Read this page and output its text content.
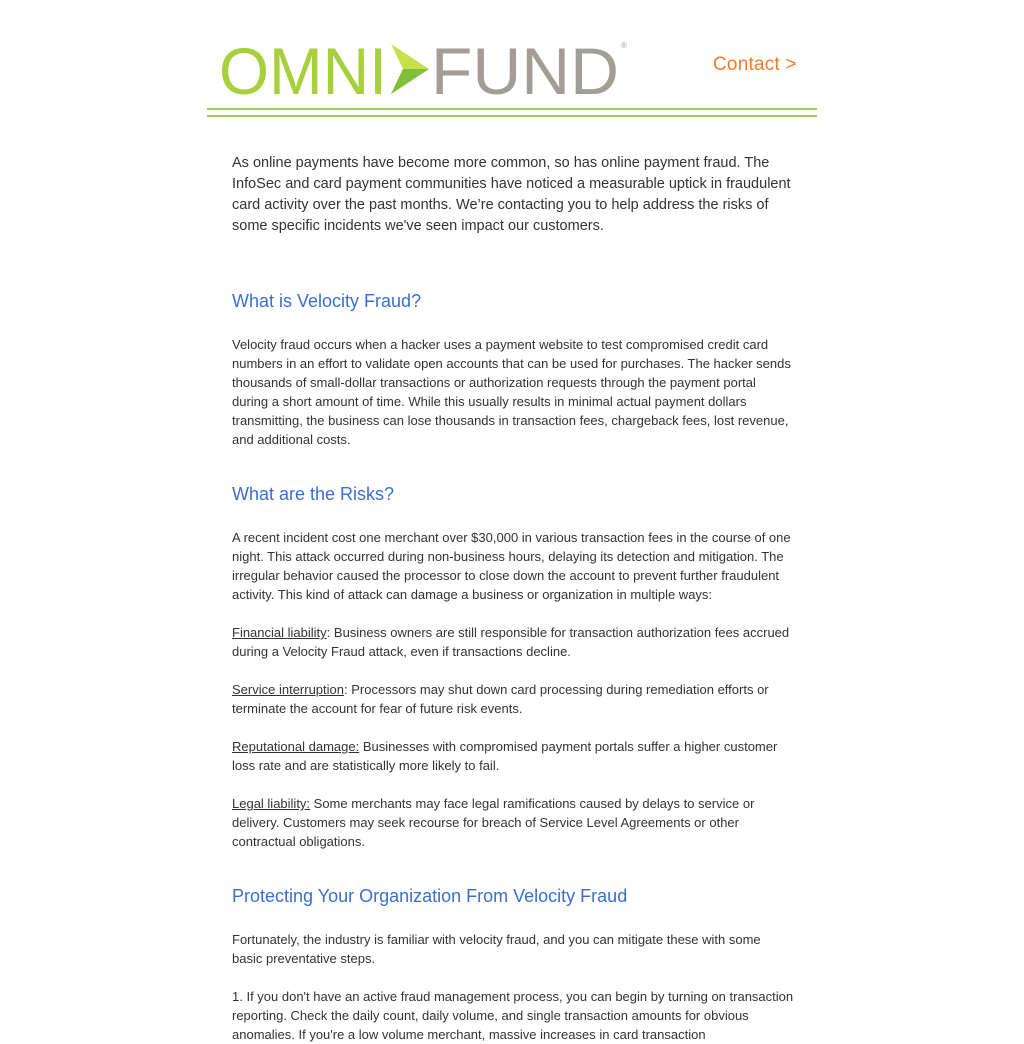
OMNI FUND ®
Contact >

As online payments have become more common, so has online payment fraud. The InfoSec and card payment communities have noticed a measurable uptick in fraudulent card activity over the past months. We’re contacting you to help address the risks of some specific incidents we've seen impact our customers.

What is Velocity Fraud?

Velocity fraud occurs when a hacker uses a payment website to test compromised credit card numbers in an effort to validate open accounts that can be used for purchases. The hacker sends thousands of small-dollar transactions or authorization requests through the payment portal during a short amount of time. While this usually results in minimal actual payment dollars transmitting, the business can lose thousands in transaction fees, chargeback fees, lost revenue, and additional costs.

What are the Risks?

A recent incident cost one merchant over $30,000 in various transaction fees in the course of one night. This attack occurred during non-business hours, delaying its detection and mitigation. The irregular behavior caused the processor to close down the account to prevent further fraudulent activity. This kind of attack can damage a business or organization in multiple ways:

Financial liability: Business owners are still responsible for transaction authorization fees accrued during a Velocity Fraud attack, even if transactions decline.

Service interruption: Processors may shut down card processing during remediation efforts or terminate the account for fear of future risk events.

Reputational damage: Businesses with compromised payment portals suffer a higher customer loss rate and are statistically more likely to fail.

Legal liability: Some merchants may face legal ramifications caused by delays to service or delivery. Customers may seek recourse for breach of Service Level Agreements or other contractual obligations.

Protecting Your Organization From Velocity Fraud

Fortunately, the industry is familiar with velocity fraud, and you can mitigate these with some basic preventative steps.

1. If you don't have an active fraud management process, you can begin by turning on transaction reporting. Check the daily count, daily volume, and single transaction amounts for obvious anomalies. If you're a low volume merchant, massive increases in card transaction
